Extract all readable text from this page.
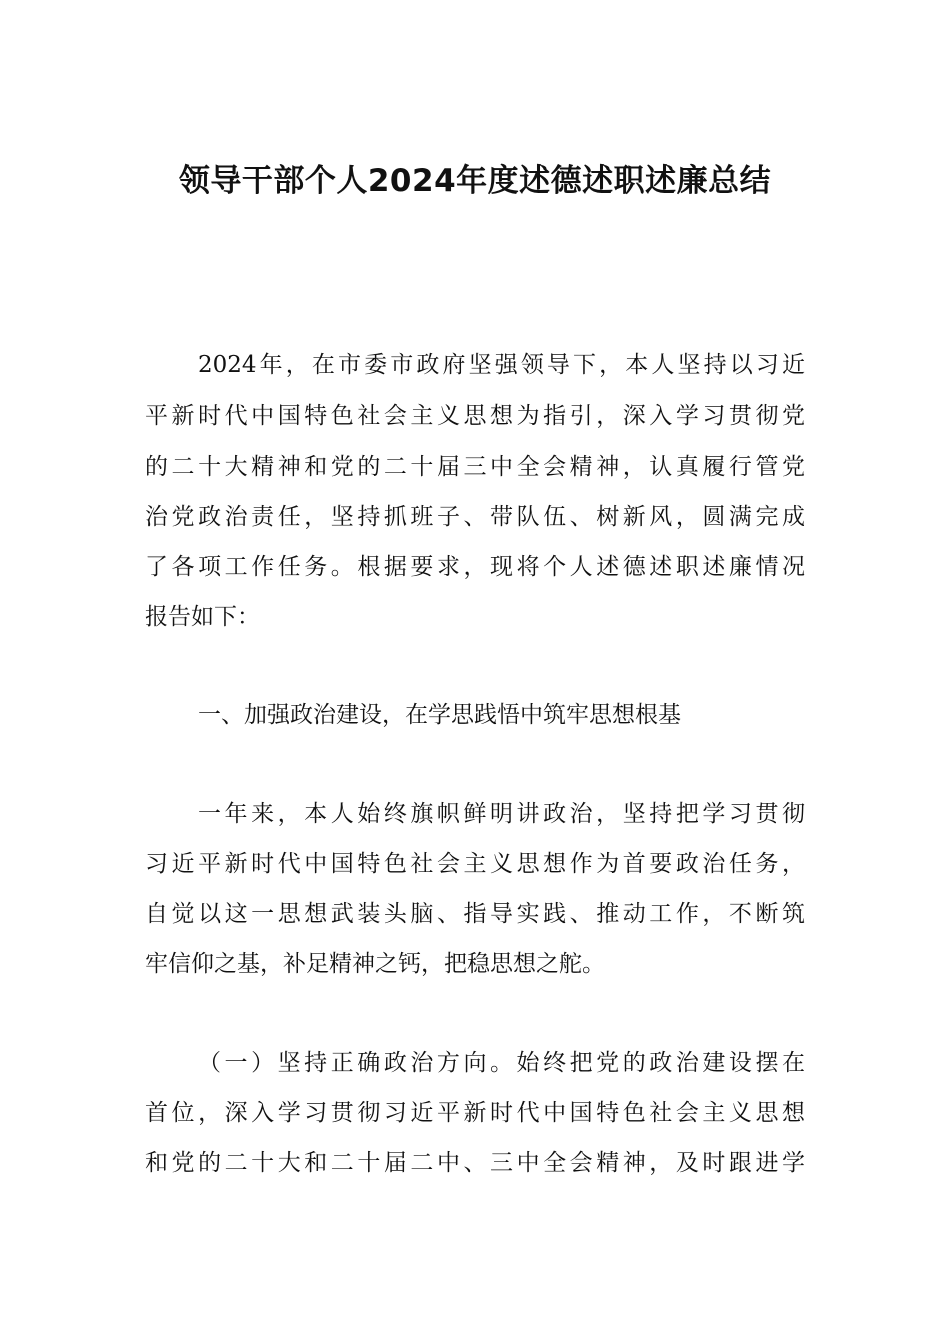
领导干部个人2024年度述德述职述廉总结
2024年，在市委市政府坚强领导下，本人坚持以习近
平新时代中国特色社会主义思想为指引，深入学习贯彻党
的二十大精神和党的二十届三中全会精神，认真履行管党
治党政治责任，坚持抓班子、带队伍、树新风，圆满完成
了各项工作任务。根据要求，现将个人述德述职述廉情况
报告如下：
一、加强政治建设，在学思践悟中筑牢思想根基
一年来，本人始终旗帜鲜明讲政治，坚持把学习贯彻
习近平新时代中国特色社会主义思想作为首要政治任务，
自觉以这一思想武装头脑、指导实践、推动工作，不断筑
牢信仰之基，补足精神之钙，把稳思想之舵。
（一）坚持正确政治方向。始终把党的政治建设摆在
首位，深入学习贯彻习近平新时代中国特色社会主义思想
和党的二十大和二十届二中、三中全会精神，及时跟进学
